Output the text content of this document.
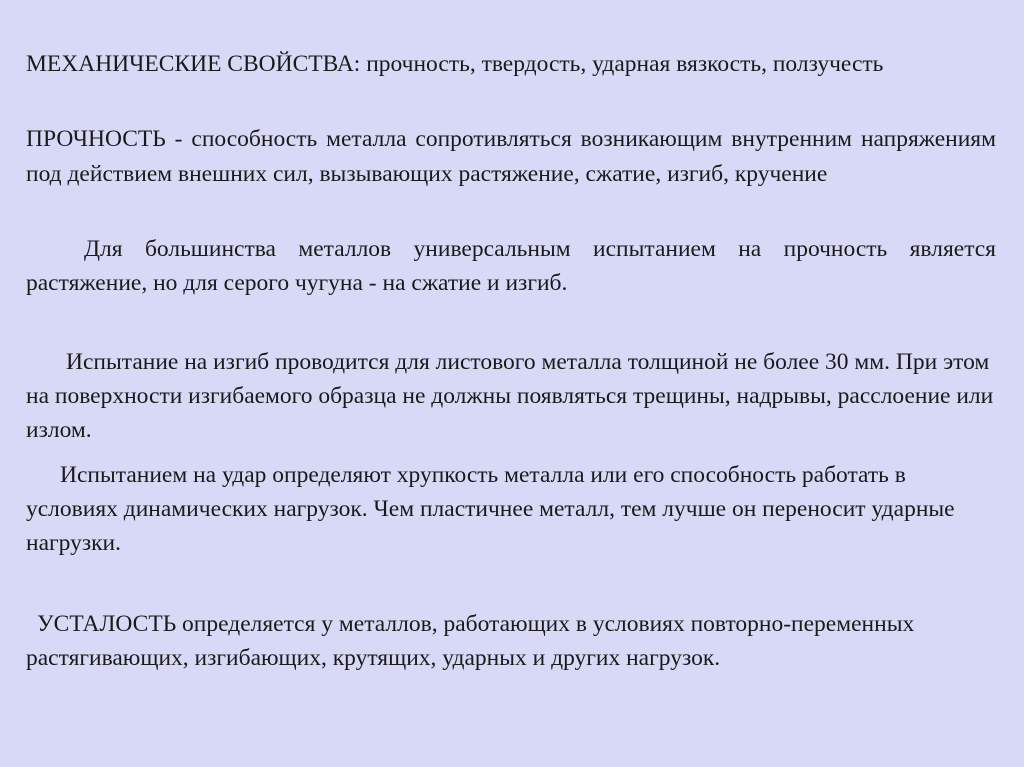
МЕХАНИЧЕСКИЕ СВОЙСТВА: прочность, твердость, ударная вязкость, ползучесть

ПРОЧНОСТЬ - способность металла сопротивляться возникающим внутренним напряжениям под действием внешних сил, вызывающих растяжение, сжатие, изгиб, кручение

Для большинства металлов универсальным испытанием на прочность является растяжение, но для серого чугуна - на сжатие и изгиб.

Испытание на изгиб проводится для листового металла толщиной не более 30 мм. При этом на поверхности изгибаемого образца не должны появляться трещины, надрывы, расслоение или излом.

Испытанием на удар определяют хрупкость металла или его способность работать в условиях динамических нагрузок. Чем пластичнее металл, тем лучше он переносит ударные нагрузки.

УСТАЛОСТЬ определяется у металлов, работающих в условиях повторно-переменных растягивающих, изгибающих, крутящих, ударных и других нагрузок.
